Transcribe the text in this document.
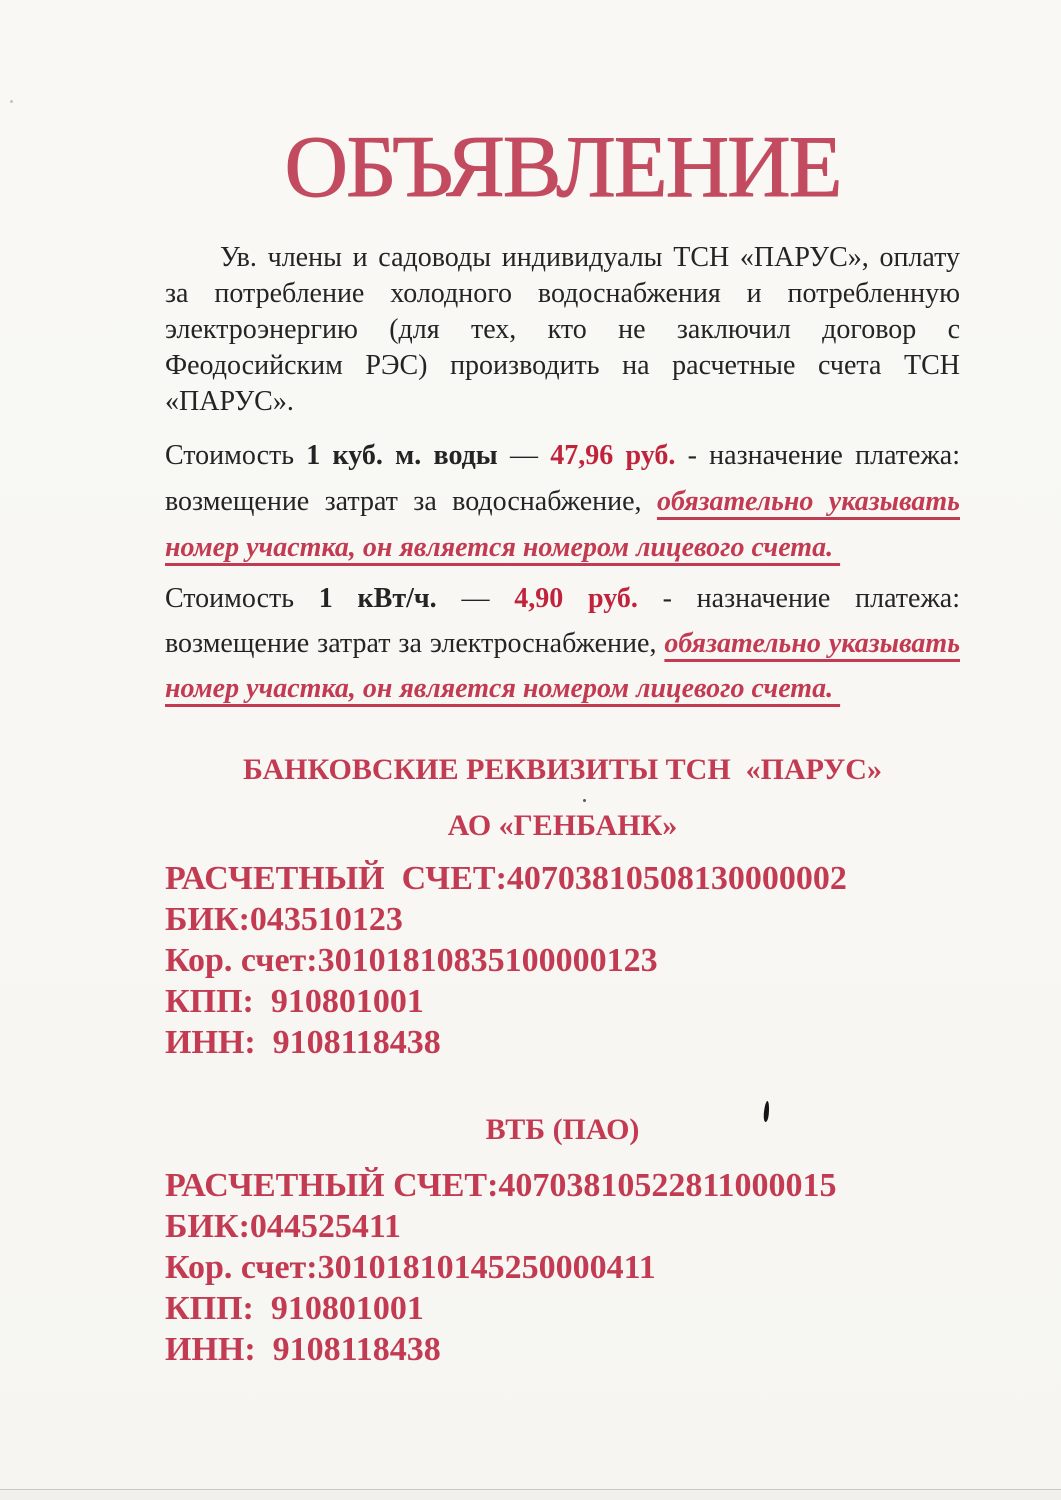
ОБЪЯВЛЕНИЕ

Ув. члены и садоводы индивидуалы ТСН «ПАРУС», оплату за потребление холодного водоснабжения и потребленную электроэнергию (для тех, кто не заключил договор с Феодосийским РЭС) производить на расчетные счета ТСН «ПАРУС».

Стоимость 1 куб. м. воды — 47,96 руб. - назначение платежа: возмещение затрат за водоснабжение, обязательно указывать номер участка, он является номером лицевого счета.

Стоимость 1 кВт/ч. — 4,90 руб. - назначение платежа: возмещение затрат за электроснабжение, обязательно указывать номер участка, он является номером лицевого счета.

БАНКОВСКИЕ РЕКВИЗИТЫ ТСН  «ПАРУС»

АО «ГЕНБАНК»

РАСЧЕТНЫЙ  СЧЕТ:40703810508130000002
БИК:043510123
Кор. счет:30101810835100000123
КПП:  910801001
ИНН:  9108118438

ВТБ (ПАО)

РАСЧЕТНЫЙ СЧЕТ:40703810522811000015
БИК:044525411
Кор. счет:30101810145250000411
КПП:  910801001
ИНН:  9108118438
